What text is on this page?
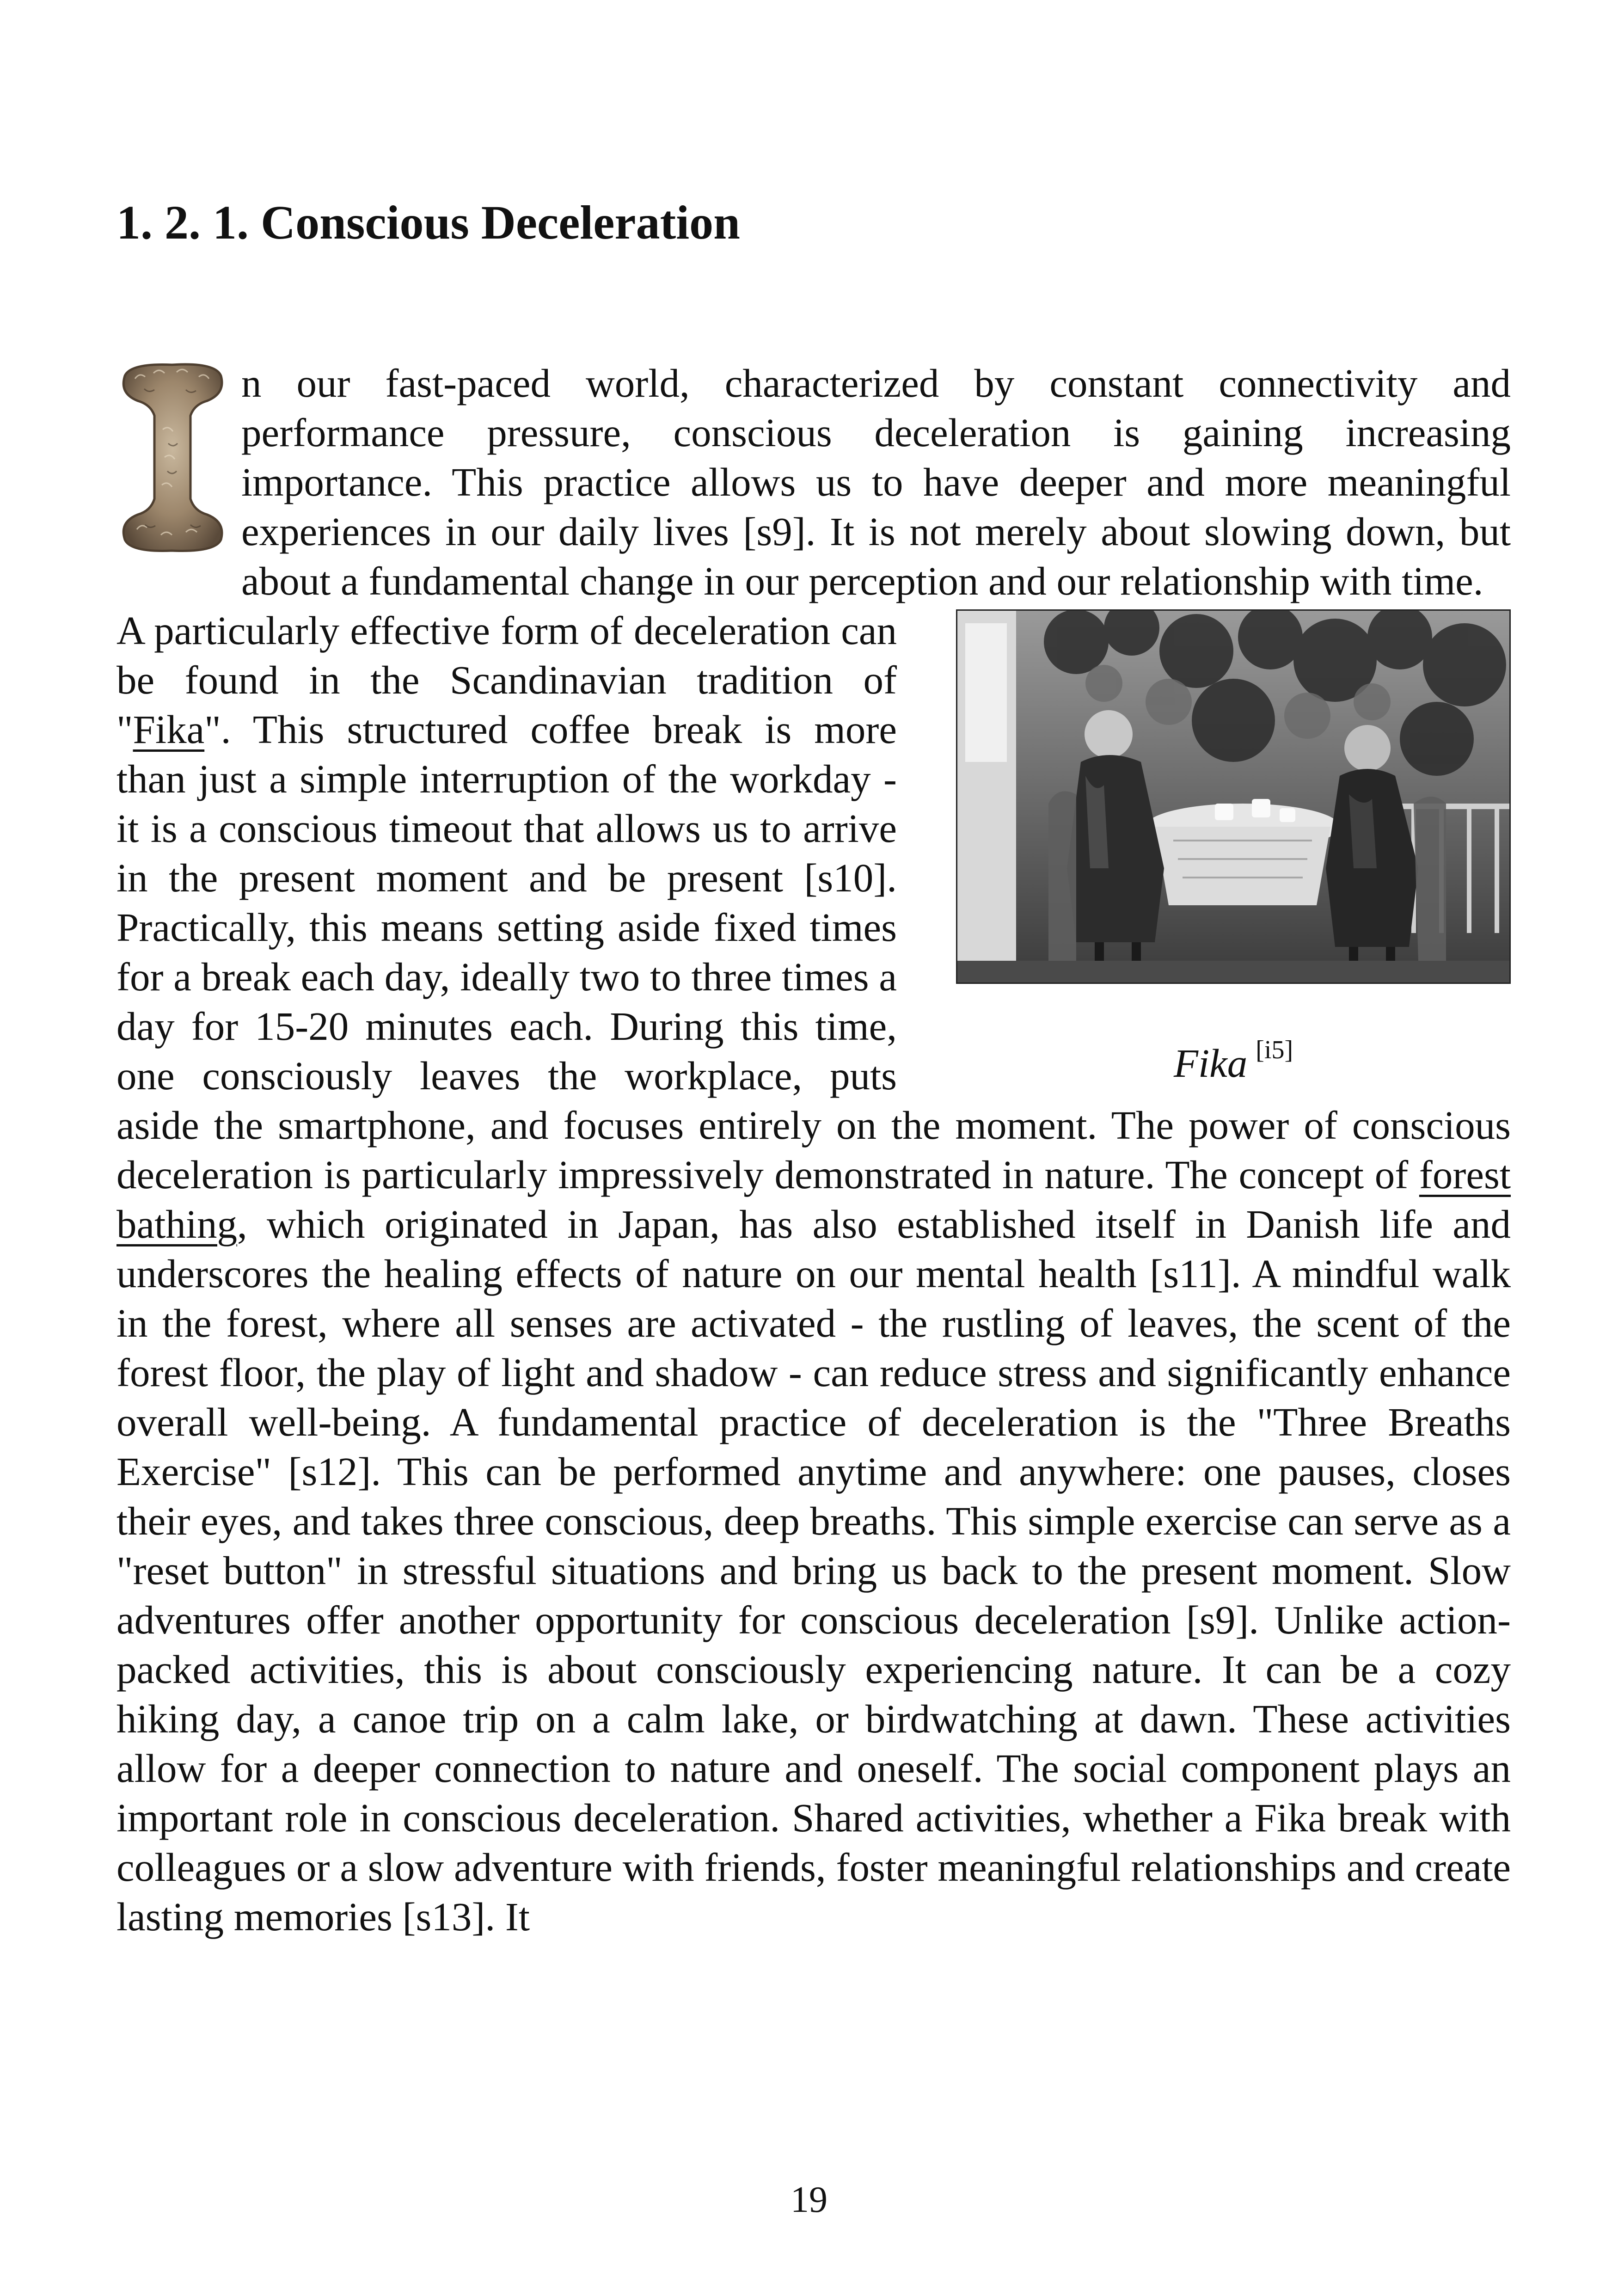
1. 2. 1. Conscious Deceleration

n our fast-paced world, characterized by constant connectivity and performance pressure, conscious deceleration is gaining increasing importance. This practice allows us to have deeper and more meaningful experiences in our daily lives [s9]. It is not merely about slowing down, but about a fundamental change in our perception and our relationship with time.

Fika [i5]

A particularly effective form of deceleration can be found in the Scandinavian tradition of "Fika". This structured coffee break is more than just a simple interruption of the workday - it is a conscious timeout that allows us to arrive in the present moment and be present [s10]. Practically, this means setting aside fixed times for a break each day, ideally two to three times a day for 15-20 minutes each. During this time, one consciously leaves the workplace, puts aside the smartphone, and focuses entirely on the moment. The power of conscious deceleration is particularly impressively demonstrated in nature. The concept of forest bathing, which originated in Japan, has also established itself in Danish life and underscores the healing effects of nature on our mental health [s11]. A mindful walk in the forest, where all senses are activated - the rustling of leaves, the scent of the forest floor, the play of light and shadow - can reduce stress and significantly enhance overall well-being. A fundamental practice of deceleration is the "Three Breaths Exercise" [s12]. This can be performed anytime and anywhere: one pauses, closes their eyes, and takes three conscious, deep breaths. This simple exercise can serve as a "reset button" in stressful situations and bring us back to the present moment. Slow adventures offer another opportunity for conscious deceleration [s9]. Unlike action-packed activities, this is about consciously experiencing nature. It can be a cozy hiking day, a canoe trip on a calm lake, or birdwatching at dawn. These activities allow for a deeper connection to nature and oneself. The social component plays an important role in conscious deceleration. Shared activities, whether a Fika break with colleagues or a slow adventure with friends, foster meaningful relationships and create lasting memories [s13]. It

19
